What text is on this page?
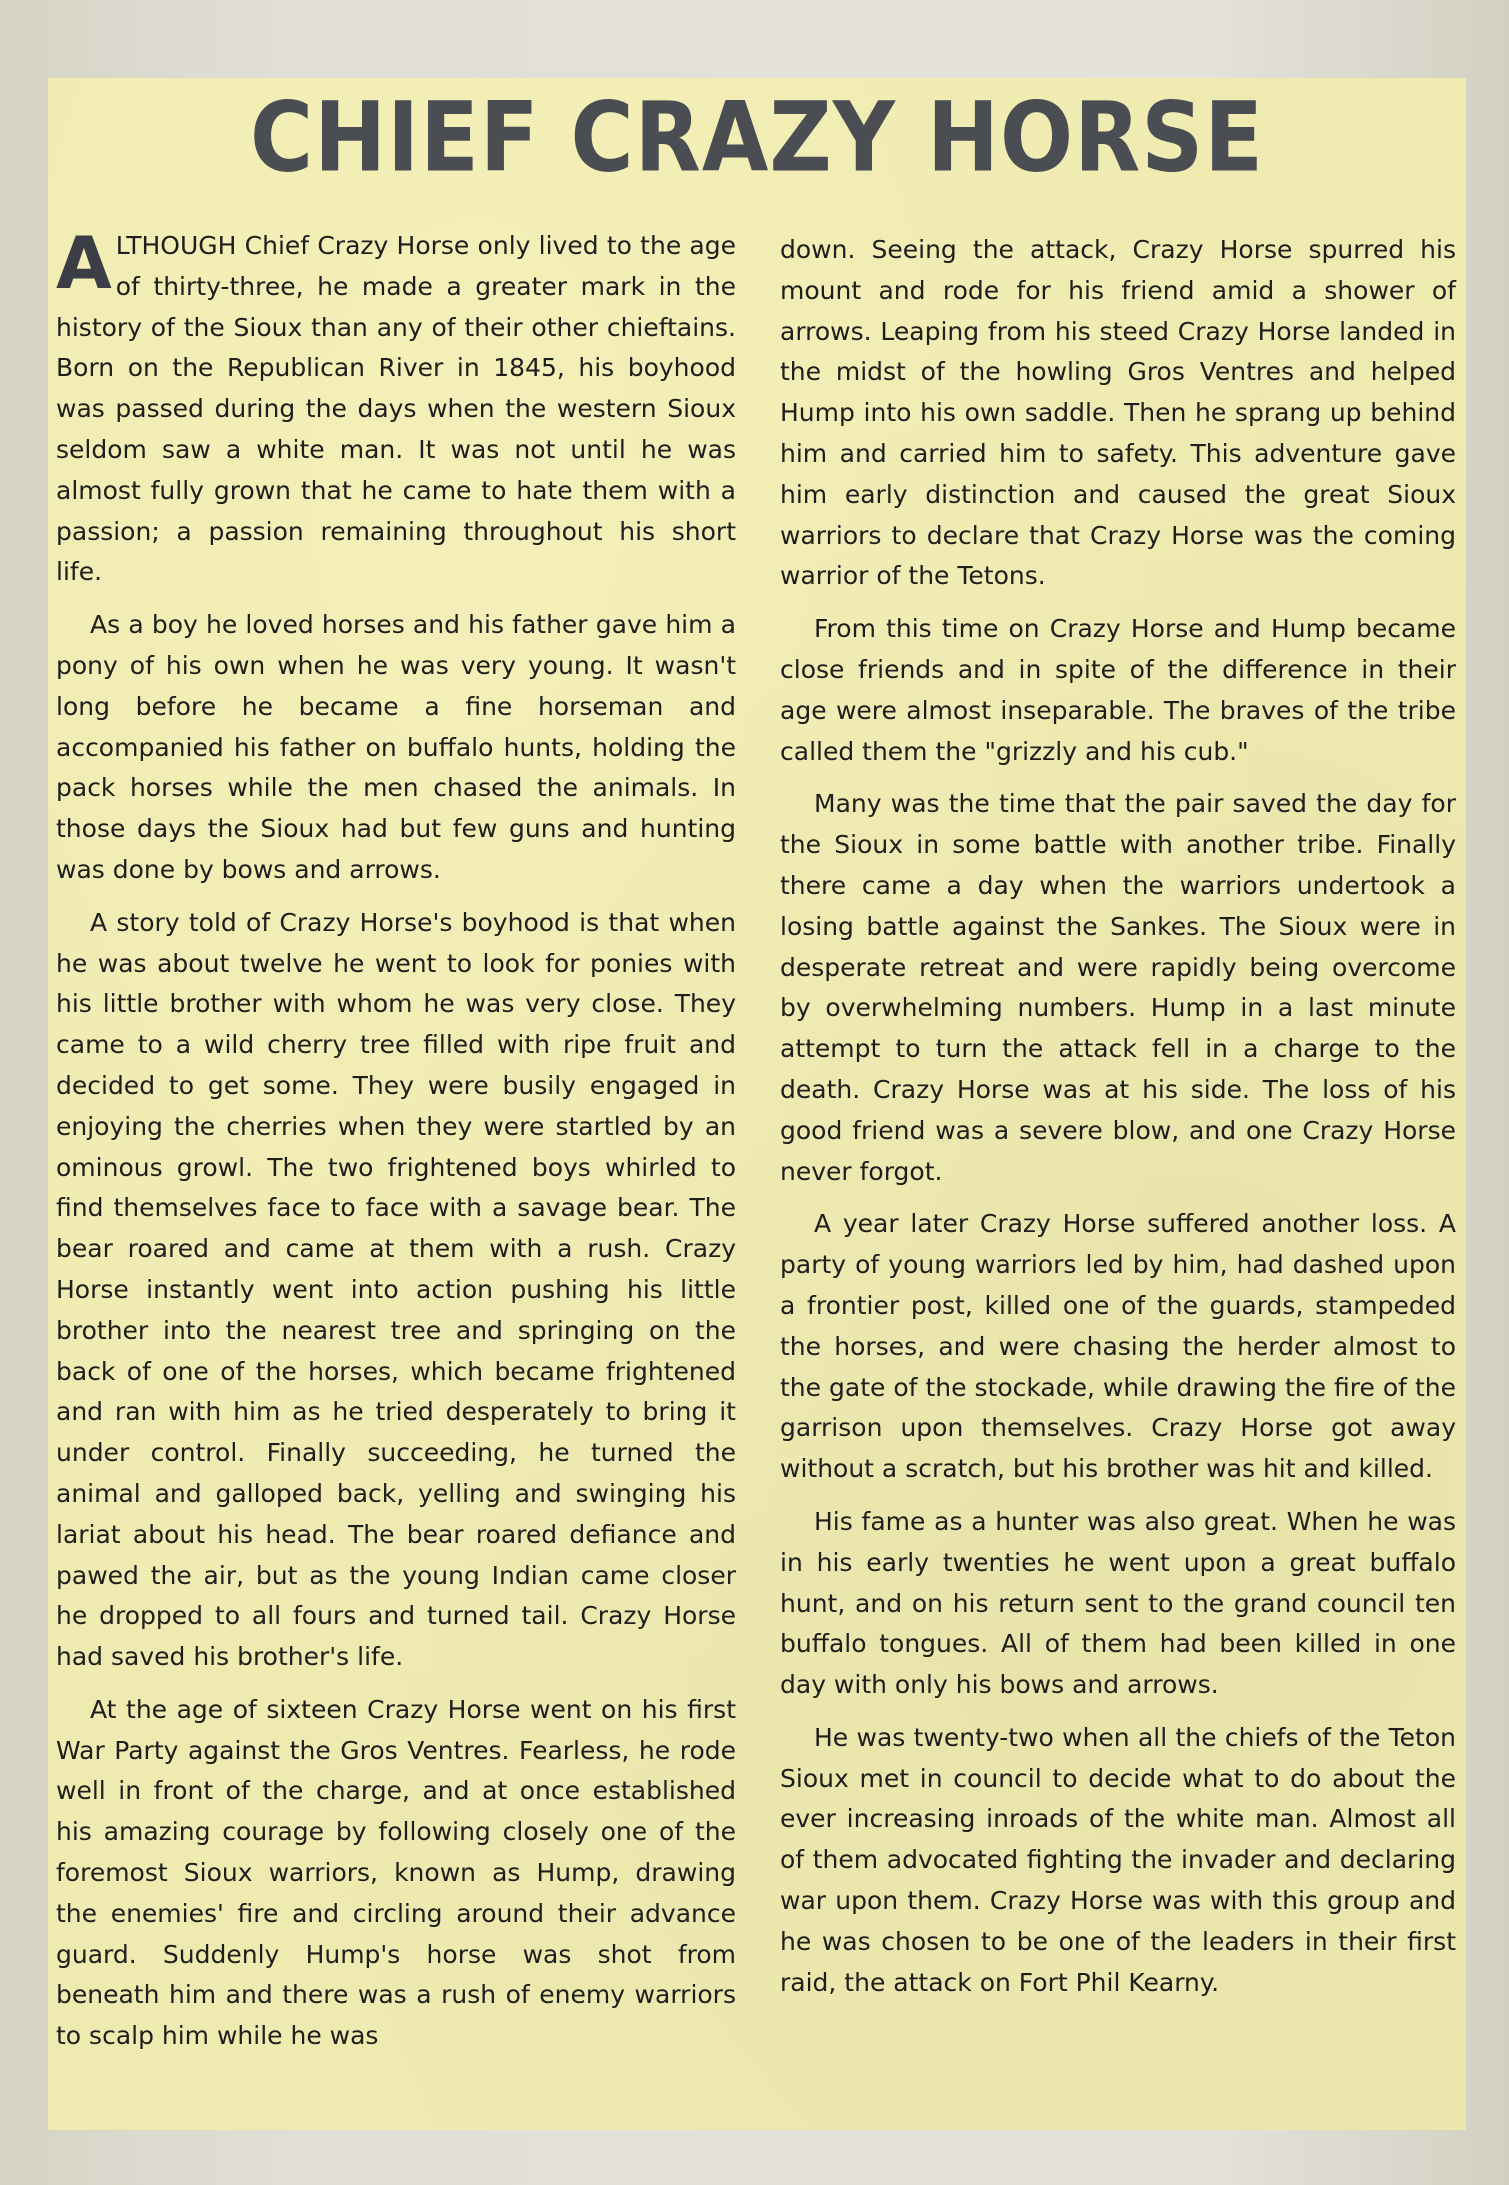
CHIEF CRAZY HORSE

ALTHOUGH Chief Crazy Horse only lived to the age of thirty-three, he made a greater mark in the history of the Sioux than any of their other chieftains. Born on the Republican River in 1845, his boyhood was passed during the days when the western Sioux seldom saw a white man. It was not until he was almost fully grown that he came to hate them with a passion; a passion remaining throughout his short life.

As a boy he loved horses and his father gave him a pony of his own when he was very young. It wasn't long before he became a fine horseman and accompanied his father on buffalo hunts, holding the pack horses while the men chased the animals. In those days the Sioux had but few guns and hunting was done by bows and arrows.

A story told of Crazy Horse's boyhood is that when he was about twelve he went to look for ponies with his little brother with whom he was very close. They came to a wild cherry tree filled with ripe fruit and decided to get some. They were busily engaged in enjoying the cherries when they were startled by an ominous growl. The two frightened boys whirled to find themselves face to face with a savage bear. The bear roared and came at them with a rush. Crazy Horse instantly went into action pushing his little brother into the nearest tree and springing on the back of one of the horses, which became frightened and ran with him as he tried desperately to bring it under control. Finally succeeding, he turned the animal and galloped back, yelling and swinging his lariat about his head. The bear roared defiance and pawed the air, but as the young Indian came closer he dropped to all fours and turned tail. Crazy Horse had saved his brother's life.

At the age of sixteen Crazy Horse went on his first War Party against the Gros Ventres. Fearless, he rode well in front of the charge, and at once established his amazing courage by following closely one of the foremost Sioux warriors, known as Hump, drawing the enemies' fire and circling around their advance guard. Suddenly Hump's horse was shot from beneath him and there was a rush of enemy warriors to scalp him while he was

down. Seeing the attack, Crazy Horse spurred his mount and rode for his friend amid a shower of arrows. Leaping from his steed Crazy Horse landed in the midst of the howling Gros Ventres and helped Hump into his own saddle. Then he sprang up behind him and carried him to safety. This adventure gave him early distinction and caused the great Sioux warriors to declare that Crazy Horse was the coming warrior of the Tetons.

From this time on Crazy Horse and Hump became close friends and in spite of the difference in their age were almost inseparable. The braves of the tribe called them the "grizzly and his cub."

Many was the time that the pair saved the day for the Sioux in some battle with another tribe. Finally there came a day when the warriors undertook a losing battle against the Sankes. The Sioux were in desperate retreat and were rapidly being overcome by overwhelming numbers. Hump in a last minute attempt to turn the attack fell in a charge to the death. Crazy Horse was at his side. The loss of his good friend was a severe blow, and one Crazy Horse never forgot.

A year later Crazy Horse suffered another loss. A party of young warriors led by him, had dashed upon a frontier post, killed one of the guards, stampeded the horses, and were chasing the herder almost to the gate of the stockade, while drawing the fire of the garrison upon themselves. Crazy Horse got away without a scratch, but his brother was hit and killed.

His fame as a hunter was also great. When he was in his early twenties he went upon a great buffalo hunt, and on his return sent to the grand council ten buffalo tongues. All of them had been killed in one day with only his bows and arrows.

He was twenty-two when all the chiefs of the Teton Sioux met in council to decide what to do about the ever increasing inroads of the white man. Almost all of them advocated fighting the invader and declaring war upon them. Crazy Horse was with this group and he was chosen to be one of the leaders in their first raid, the attack on Fort Phil Kearny.
